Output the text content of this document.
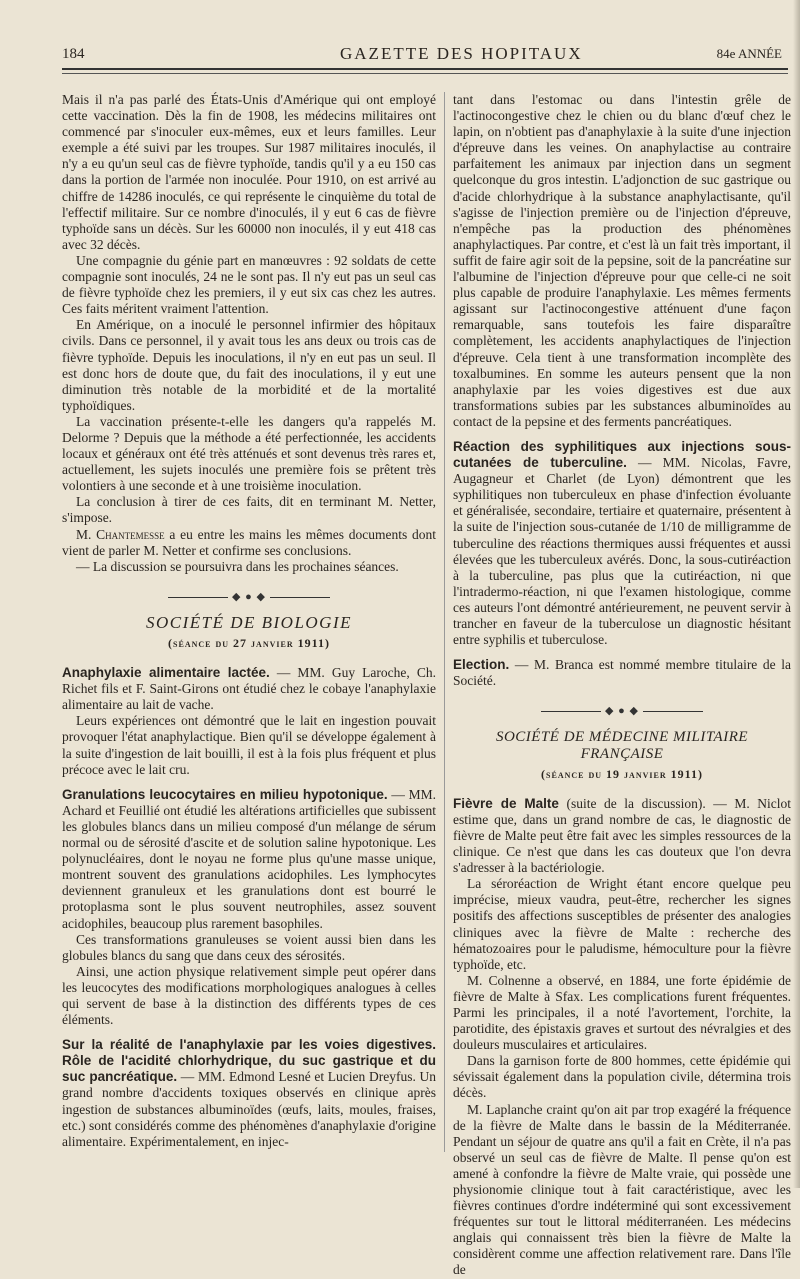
184	GAZETTE DES HOPITAUX	84e ANNÉE

Mais il n'a pas parlé des États-Unis d'Amérique qui ont employé cette vaccination. Dès la fin de 1908, les médecins militaires ont commencé par s'inoculer eux-mêmes, eux et leurs familles. Leur exemple a été suivi par les troupes. Sur 1987 militaires inoculés, il n'y a eu qu'un seul cas de fièvre typhoïde, tandis qu'il y a eu 150 cas dans la portion de l'armée non inoculée. Pour 1910, on est arrivé au chiffre de 14286 inoculés, ce qui représente le cinquième du total de l'effectif militaire. Sur ce nombre d'inoculés, il y eut 6 cas de fièvre typhoïde sans un décès. Sur les 60000 non inoculés, il y eut 418 cas avec 32 décès.

Une compagnie du génie part en manœuvres : 92 soldats de cette compagnie sont inoculés, 24 ne le sont pas. Il n'y eut pas un seul cas de fièvre typhoïde chez les premiers, il y eut six cas chez les autres. Ces faits méritent vraiment l'attention.

En Amérique, on a inoculé le personnel infirmier des hôpitaux civils. Dans ce personnel, il y avait tous les ans deux ou trois cas de fièvre typhoïde. Depuis les inoculations, il n'y en eut pas un seul. Il est donc hors de doute que, du fait des inoculations, il y eut une diminution très notable de la morbidité et de la mortalité typhoïdiques.

La vaccination présente-t-elle les dangers qu'a rappelés M. Delorme ? Depuis que la méthode a été perfectionnée, les accidents locaux et généraux ont été très atténués et sont devenus très rares et, actuellement, les sujets inoculés une première fois se prêtent très volontiers à une seconde et à une troisième inoculation.

La conclusion à tirer de ces faits, dit en terminant M. Netter, s'impose.

M. Chantemesse a eu entre les mains les mêmes documents dont vient de parler M. Netter et confirme ses conclusions.

— La discussion se poursuivra dans les prochaines séances.

◆ ● ◆
SOCIÉTÉ DE BIOLOGIE
(séance du 27 janvier 1911)

Anaphylaxie alimentaire lactée. — MM. Guy Laroche, Ch. Richet fils et F. Saint-Girons ont étudié chez le cobaye l'anaphylaxie alimentaire au lait de vache.

Leurs expériences ont démontré que le lait en ingestion pouvait provoquer l'état anaphylactique. Bien qu'il se développe également à la suite d'ingestion de lait bouilli, il est à la fois plus fréquent et plus précoce avec le lait cru.

Granulations leucocytaires en milieu hypotonique. — MM. Achard et Feuillié ont étudié les altérations artificielles que subissent les globules blancs dans un milieu composé d'un mélange de sérum normal ou de sérosité d'ascite et de solution saline hypotonique. Les polynucléaires, dont le noyau ne forme plus qu'une masse unique, montrent souvent des granulations acidophiles. Les lymphocytes deviennent granuleux et les granulations dont est bourré le protoplasma sont le plus souvent neutrophiles, assez souvent acidophiles, beaucoup plus rarement basophiles.

Ces transformations granuleuses se voient aussi bien dans les globules blancs du sang que dans ceux des sérosités.

Ainsi, une action physique relativement simple peut opérer dans les leucocytes des modifications morphologiques analogues à celles qui servent de base à la distinction des différents types de ces éléments.

Sur la réalité de l'anaphylaxie par les voies digestives. Rôle de l'acidité chlorhydrique, du suc gastrique et du suc pancréatique. — MM. Edmond Lesné et Lucien Dreyfus. Un grand nombre d'accidents toxiques observés en clinique après ingestion de substances albuminoïdes (œufs, laits, moules, fraises, etc.) sont considérés comme des phénomènes d'anaphylaxie d'origine alimentaire. Expérimentalement, en injec-

tant dans l'estomac ou dans l'intestin grêle de l'actinocongestive chez le chien ou du blanc d'œuf chez le lapin, on n'obtient pas d'anaphylaxie à la suite d'une injection d'épreuve dans les veines. On anaphylactise au contraire parfaitement les animaux par injection dans un segment quelconque du gros intestin. L'adjonction de suc gastrique ou d'acide chlorhydrique à la substance anaphylactisante, qu'il s'agisse de l'injection première ou de l'injection d'épreuve, n'empêche pas la production des phénomènes anaphylactiques. Par contre, et c'est là un fait très important, il suffit de faire agir soit de la pepsine, soit de la pancréatine sur l'albumine de l'injection d'épreuve pour que celle-ci ne soit plus capable de produire l'anaphylaxie. Les mêmes ferments agissant sur l'actinocongestive atténuent d'une façon remarquable, sans toutefois les faire disparaître complètement, les accidents anaphylactiques de l'injection d'épreuve. Cela tient à une transformation incomplète des toxalbumines. En somme les auteurs pensent que la non anaphylaxie par les voies digestives est due aux transformations subies par les substances albuminoïdes au contact de la pepsine et des ferments pancréatiques.

Réaction des syphilitiques aux injections sous-cutanées de tuberculine. — MM. Nicolas, Favre, Augagneur et Charlet (de Lyon) démontrent que les syphilitiques non tuberculeux en phase d'infection évoluante et généralisée, secondaire, tertiaire et quaternaire, présentent à la suite de l'injection sous-cutanée de 1/10 de milligramme de tuberculine des réactions thermiques aussi fréquentes et aussi élevées que les tuberculeux avérés. Donc, la sous-cutiréaction à la tuberculine, pas plus que la cutiréaction, ni que l'intradermo-réaction, ni que l'examen histologique, comme ces auteurs l'ont démontré antérieurement, ne peuvent servir à trancher en faveur de la tuberculose un diagnostic hésitant entre syphilis et tuberculose.

Election. — M. Branca est nommé membre titulaire de la Société.

◆ ● ◆
SOCIÉTÉ DE MÉDECINE MILITAIRE FRANÇAISE
(séance du 19 janvier 1911)

Fièvre de Malte (suite de la discussion). — M. Niclot estime que, dans un grand nombre de cas, le diagnostic de fièvre de Malte peut être fait avec les simples ressources de la clinique. Ce n'est que dans les cas douteux que l'on devra s'adresser à la bactériologie.

La séroréaction de Wright étant encore quelque peu imprécise, mieux vaudra, peut-être, rechercher les signes positifs des affections susceptibles de présenter des analogies cliniques avec la fièvre de Malte : recherche des hématozoaires pour le paludisme, hémoculture pour la fièvre typhoïde, etc.

M. Colnenne a observé, en 1884, une forte épidémie de fièvre de Malte à Sfax. Les complications furent fréquentes. Parmi les principales, il a noté l'avortement, l'orchite, la parotidite, des épistaxis graves et surtout des névralgies et des douleurs musculaires et articulaires.

Dans la garnison forte de 800 hommes, cette épidémie qui sévissait également dans la population civile, détermina trois décès.

M. Laplanche craint qu'on ait par trop exagéré la fréquence de la fièvre de Malte dans le bassin de la Méditerranée. Pendant un séjour de quatre ans qu'il a fait en Crète, il n'a pas observé un seul cas de fièvre de Malte. Il pense qu'on est amené à confondre la fièvre de Malte vraie, qui possède une physionomie clinique tout à fait caractéristique, avec les fièvres continues d'ordre indéterminé qui sont excessivement fréquentes sur tout le littoral méditerranéen. Les médecins anglais qui connaissent très bien la fièvre de Malte la considèrent comme une affection relativement rare. Dans l'île de
